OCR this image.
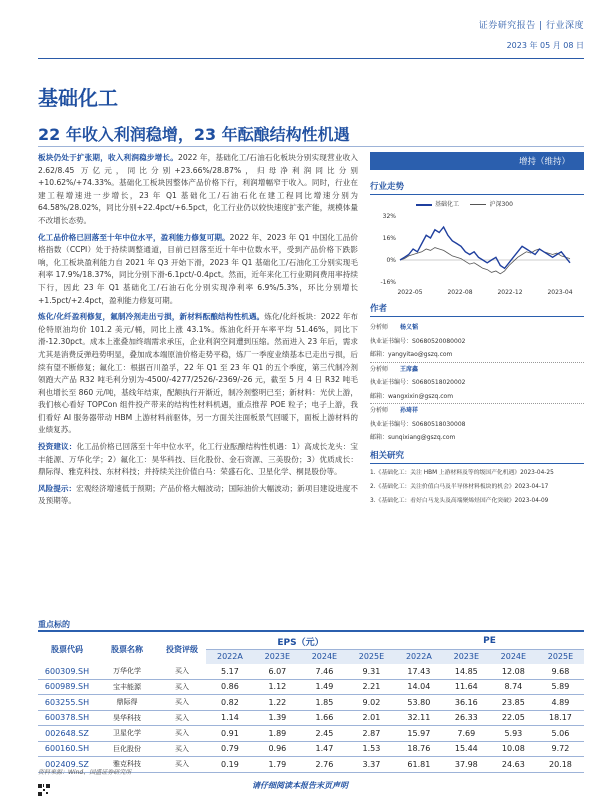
证券研究报告 | 行业深度
2023 年 05 月 08 日
基础化工
22 年收入利润稳增，23 年酝酿结构性机遇

板块仍处于扩张期，收入利润稳步增长。2022 年，基础化工/石油石化板块分别实现营业收入 2.62/8.45 万亿元，同比分别+23.66%/28.87%，归母净利润同比分别+10.62%/+74.33%。基础化工板块因整体产品价格下行，利润增幅窄于收入。同时，行业在建工程增速进一步增长，23 年 Q1 基础化工/石油石化在建工程同比增速分别为 64.58%/28.02%，同比分别+22.4pct/+6.5pct，化工行业仍以较快速度扩张产能，规模体量不改增长态势。

化工品价格已回落至十年中位水平，盈利能力修复可期。2022 年、2023 年 Q1 中国化工品价格指数（CCPI）处于持续调整通道，目前已回落至近十年中位数水平，受到产品价格下跌影响，化工板块盈利能力自 2021 年 Q3 开始下滑，2023 年 Q1 基础化工/石油化工分别实现毛利率 17.9%/18.37%，同比分别下滑-6.1pct/-0.4pct。然而，近年来化工行业期间费用率持续下行，因此 23 年 Q1 基础化工/石油石化分别实现净利率 6.9%/5.3%，环比分别增长+1.5pct/+2.4pct，盈利能力修复可期。

炼化/化纤盈利修复，氟制冷剂走出亏损，新材料酝酿结构性机遇。炼化/化纤板块：2022 年布伦特原油均价 101.2 美元/桶，同比上涨 43.1%。炼油化纤开车率平均 51.46%，同比下滑-12.30pct。成本上涨叠加终端需求承压，企业利润空间遭到压缩。然而进入 23 年后，需求尤其是消费反弹趋势明显，叠加成本端原油价格走势平稳，炼厂一季度业绩基本已走出亏损，后续有望不断修复；氟化工：根据百川盈孚，22 年 Q1 至 23 年 Q1 的五个季度，第三代制冷剂领跑大产品 R32 吨毛利分别为-4500/-4277/2526/-2369/-26 元，截至 5 月 4 日 R32 吨毛利也增长至 860 元/吨，基线年结束，配额执行开渐近，制冷剂整明已至；新材料：光伏上游，我们核心看好 TOPCon 组件投产带来的结构性材料机遇，重点推荐 POE 粒子；电子上游，我们看好 AI 服务器带动 HBM 上游材料前驱体，另一方面关注面板景气回暖下，面板上游材料的业绩复苏。

投资建议：化工品价格已回落至十年中位水平，化工行业酝酿结构性机遇：1）高成长龙头：宝丰能源、万华化学；2）氟化工：昊华科技、巨化股份、金石资源、三美股份；3）优质成长：鼎际得、雅克科技、东材科技；并持续关注价值白马：荣盛石化、卫星化学、桐昆股份等。

风险提示：宏观经济增速低于预期；产品价格大幅波动；国际油价大幅波动；新项目建设进度不及预期等。

增持（维持）
行业走势
基础化工	沪深300
32%
16%
0%
-16%
2022-05	2022-08	2022-12	2023-04
作者
分析师 杨义韬
执业证书编号：S0680520080002
邮箱：yangyitao@gszq.com
分析师 王席鑫
执业证书编号：S0680518020002
邮箱：wangxixin@gszq.com
分析师 孙琦祥
执业证书编号：S0680518030008
邮箱：sunqixiang@gszq.com
相关研究
1.《基础化工：关注 HBM 上游材料及等的级国产化机遇》2023-04-25
2.《基础化工：关注价值白马及半导体材料板块的机会》2023-04-17
3.《基础化工：看好白马龙头及高端聚烯烃国产化突破》2023-04-09
重点标的
股票代码	股票名称	投资评级	EPS（元）				PE			
			2022A	2023E	2024E	2025E	2022A	2023E	2024E	2025E
600309.SH	万华化学	买入	5.17	6.07	7.46	9.31	17.43	14.85	12.08	9.68
600989.SH	宝丰能源	买入	0.86	1.12	1.49	2.21	14.04	11.64	8.74	5.89
603255.SH	鼎际得	买入	0.82	1.22	1.85	9.02	53.80	36.16	23.85	4.89
600378.SH	昊华科技	买入	1.14	1.39	1.66	2.01	32.11	26.33	22.05	18.17
002648.SZ	卫星化学	买入	0.91	1.89	2.45	2.87	15.97	7.69	5.93	5.06
600160.SH	巨化股份	买入	0.79	0.96	1.47	1.53	18.76	15.44	10.08	9.72
002409.SZ	雅克科技	买入	0.19	1.79	2.76	3.37	61.81	37.98	24.63	20.18
资料来源：Wind、国盛证券研究所
请仔细阅读本报告末页声明
